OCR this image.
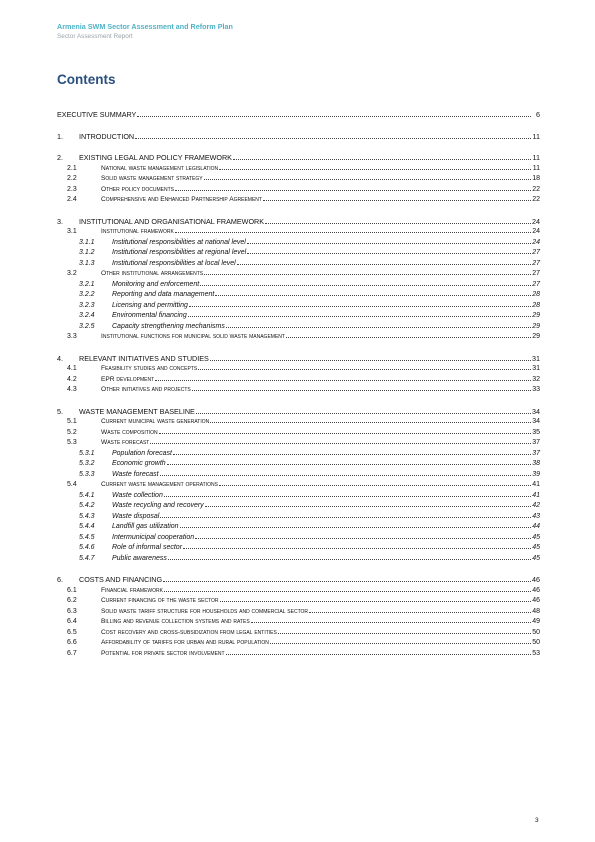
Armenia SWM Sector Assessment and Reform Plan
Sector Assessment Report
Contents
EXECUTIVE SUMMARY	6
1.	INTRODUCTION	11
2.	EXISTING LEGAL AND POLICY FRAMEWORK	11
2.1	National waste management legislation	11
2.2	Solid waste management strategy	18
2.3	Other policy documents	22
2.4	Comprehensive and Enhanced Partnership Agreement	22
3.	INSTITUTIONAL AND ORGANISATIONAL FRAMEWORK	24
3.1	Institutional framework	24
3.1.1	Institutional responsibilities at national level	24
3.1.2	Institutional responsibilities at regional level	27
3.1.3	Institutional responsibilities at local level	27
3.2	Other institutional arrangements	27
3.2.1	Monitoring and enforcement	27
3.2.2	Reporting and data management	28
3.2.3	Licensing and permitting	28
3.2.4	Environmental financing	29
3.2.5	Capacity strengthening mechanisms	29
3.3	Institutional functions for municipal solid waste management	29
4.	RELEVANT INITIATIVES AND STUDIES	31
4.1	Feasibility studies and concepts	31
4.2	EPR development	32
4.3	Other initiatives and projects	33
5.	WASTE MANAGEMENT BASELINE	34
5.1	Current municipal waste generation	34
5.2	Waste composition	35
5.3	Waste forecast	37
5.3.1	Population forecast	37
5.3.2	Economic growth	38
5.3.3	Waste forecast	39
5.4	Current waste management operations	41
5.4.1	Waste collection	41
5.4.2	Waste recycling and recovery	42
5.4.3	Waste disposal	43
5.4.4	Landfill gas utilization	44
5.4.5	Intermunicipal cooperation	45
5.4.6	Role of informal sector	45
5.4.7	Public awareness	45
6.	COSTS AND FINANCING	46
6.1	Financial framework	46
6.2	Current financing of the waste sector	46
6.3	Solid waste tariff structure for households and commercial sector	48
6.4	Billing and revenue collection systems and rates	49
6.5	Cost recovery and cross-subsidization from legal entities	50
6.6	Affordability of tariffs for urban and rural population	50
6.7	Potential for private sector involvement	53
3
